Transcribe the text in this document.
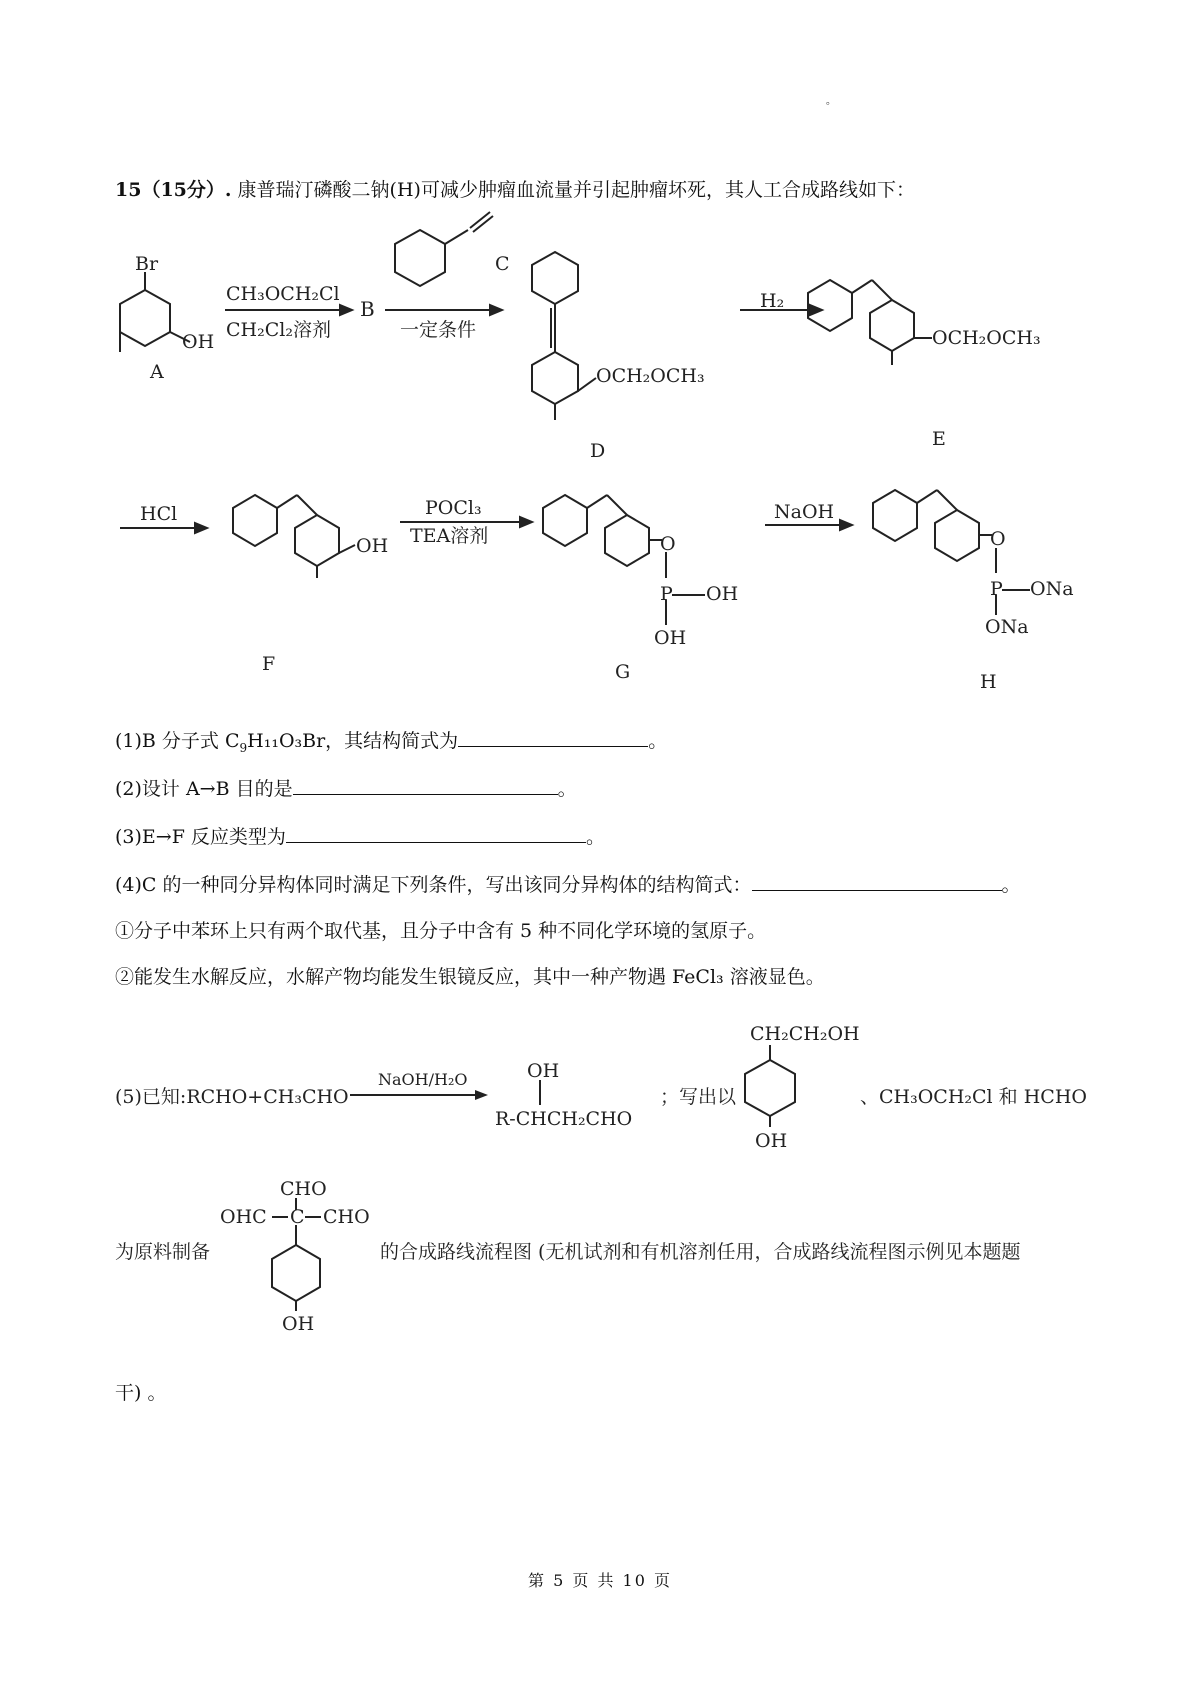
。
15（15分）. 康普瑞汀磷酸二钠(H)可减少肿瘤血流量并引起肿瘤坏死，其人工合成路线如下：
Br
OH
A
CH₃OCH₂Cl
CH₂Cl₂溶剂
B
一定条件
C
OCH₂OCH₃
D
H₂
OCH₂OCH₃
E
HCl
OH
F
POCl₃
TEA溶剂	O
P OH
OH
G
NaOH
O
P ONa
ONa
H
(1)B 分子式 $C_9H_{11}O_3Br$，其结构简式为	。
(2)设计 A→B 目的是	。
(3)E→F 反应类型为	。
(4)C 的一种同分异构体同时满足下列条件，写出该同分异构体的结构简式：	。
①分子中苯环上只有两个取代基，且分子中含有 5 种不同化学环境的氢原子。
②能发生水解反应，水解产物均能发生银镜反应，其中一种产物遇 FeCl₃ 溶液显色。
(5)已知:RCHO+CH₃CHO
NaOH/H₂O	OH
R-CHCH₂CHO
；写出以
CH₂CH₂OH
OH
、CH₃OCH₂Cl 和 HCHO
CHO
OHC C CHO
OH
为原料制备	的合成路线流程图 (无机试剂和有机溶剂任用，合成路线流程图示例见本题题
干) 。
第 5 页 共 10 页
